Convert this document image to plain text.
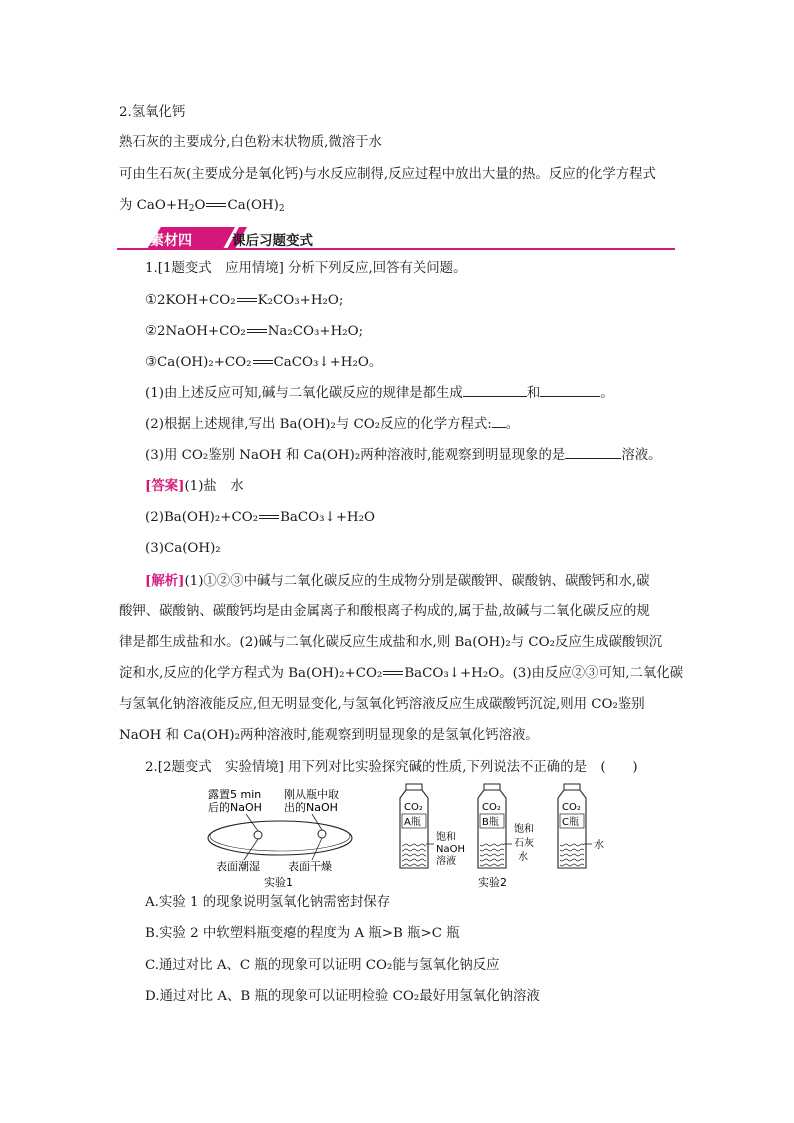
2.氢氧化钙
熟石灰的主要成分,白色粉末状物质,微溶于水
可由生石灰(主要成分是氧化钙)与水反应制得,反应过程中放出大量的热。反应的化学方程式
为 $CaO+H_2O$ $Ca(OH)_2$
素材四	课后习题变式
1.[1题变式　应用情境] 分析下列反应,回答有关问题。
①2KOH+CO₂ K₂CO₃+H₂O;
②2NaOH+CO₂ Na₂CO₃+H₂O;
③Ca(OH)₂+CO₂ CaCO₃↓+H₂O。
(1)由上述反应可知,碱与二氧化碳反应的规律是都生成	和	。
(2)根据上述规律,写出 Ba(OH)₂与 CO₂反应的化学方程式: 。
(3)用 CO₂鉴别 NaOH 和 Ca(OH)₂两种溶液时,能观察到明显现象的是	溶液。
[答案](1)盐　水
(2)Ba(OH)₂+CO₂ BaCO₃↓+H₂O
(3)Ca(OH)₂
[解析](1)①②③中碱与二氧化碳反应的生成物分别是碳酸钾、碳酸钠、碳酸钙和水,碳
酸钾、碳酸钠、碳酸钙均是由金属离子和酸根离子构成的,属于盐,故碱与二氧化碳反应的规
律是都生成盐和水。(2)碱与二氧化碳反应生成盐和水,则 Ba(OH)₂与 CO₂反应生成碳酸钡沉
淀和水,反应的化学方程式为 Ba(OH)₂+CO₂ BaCO₃↓+H₂O。(3)由反应②③可知,二氧化碳
与氢氧化钠溶液能反应,但无明显变化,与氢氧化钙溶液反应生成碳酸钙沉淀,则用 CO₂鉴别
NaOH 和 Ca(OH)₂两种溶液时,能观察到明显现象的是氢氧化钙溶液。
2.[2题变式　实验情境] 用下列对比实验探究碱的性质,下列说法不正确的是　(　　)
露置5 min
后的NaOH
刚从瓶中取
出的NaOH
表面潮湿	表面干燥
实验1
CO₂
A瓶
饱和
NaOH
溶液
CO₂
B瓶
饱和
石灰
水
CO₂
C瓶
水
实验2
A.实验 1 的现象说明氢氧化钠需密封保存
B.实验 2 中软塑料瓶变瘪的程度为 A 瓶>B 瓶>C 瓶
C.通过对比 A、C 瓶的现象可以证明 CO₂能与氢氧化钠反应
D.通过对比 A、B 瓶的现象可以证明检验 CO₂最好用氢氧化钠溶液
